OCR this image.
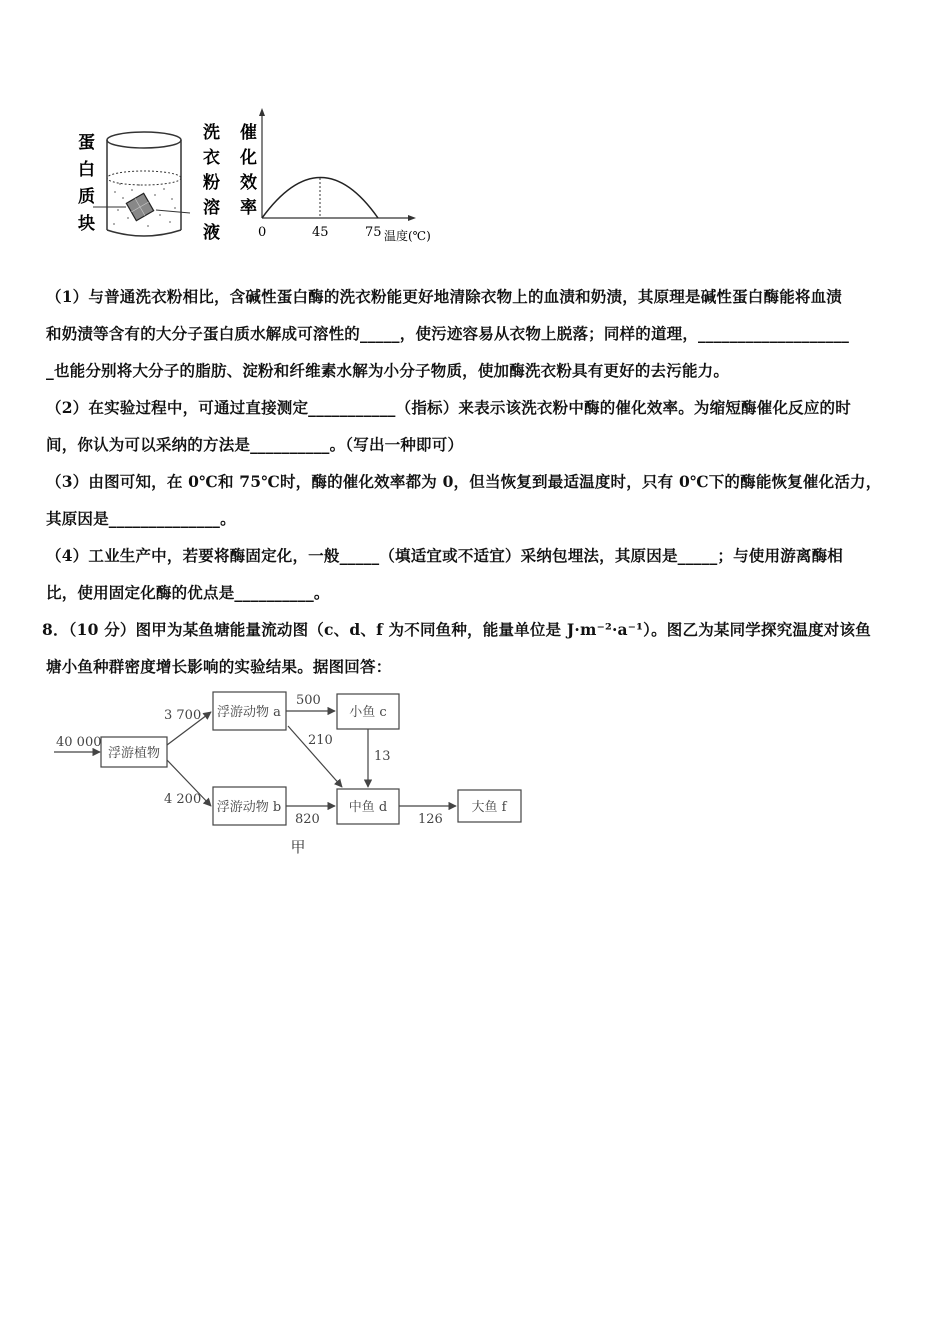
蛋
白
质
块
洗
衣
粉
溶
液
催
化
效
率
0	45	75 温度(℃)

（1）与普通洗衣粉相比，含碱性蛋白酶的洗衣粉能更好地清除衣物上的血渍和奶渍，其原理是碱性蛋白酶能将血渍

和奶渍等含有的大分子蛋白质水解成可溶性的_____，使污迹容易从衣物上脱落；同样的道理，___________________

_也能分别将大分子的脂肪、淀粉和纤维素水解为小分子物质，使加酶洗衣粉具有更好的去污能力。

（2）在实验过程中，可通过直接测定___________（指标）来表示该洗衣粉中酶的催化效率。为缩短酶催化反应的时

间，你认为可以采纳的方法是__________。（写出一种即可）

（3）由图可知，在 0℃和 75℃时，酶的催化效率都为 0，但当恢复到最适温度时，只有 0℃下的酶能恢复催化活力，

其原因是______________。

（4）工业生产中，若要将酶固定化，一般_____（填适宜或不适宜）采纳包埋法，其原因是_____；与使用游离酶相

比，使用固定化酶的优点是__________。

8．（10 分）图甲为某鱼塘能量流动图（c、d、f 为不同鱼种，能量单位是 J·m⁻²·a⁻¹）。图乙为某同学探究温度对该鱼

塘小鱼种群密度增长影响的实验结果。据图回答：

40 000
浮游植物
浮游动物 a
浮游动物 b
小鱼 c
中鱼 d	大鱼 f
3 700
4 200
500
210
13
820	126
甲
